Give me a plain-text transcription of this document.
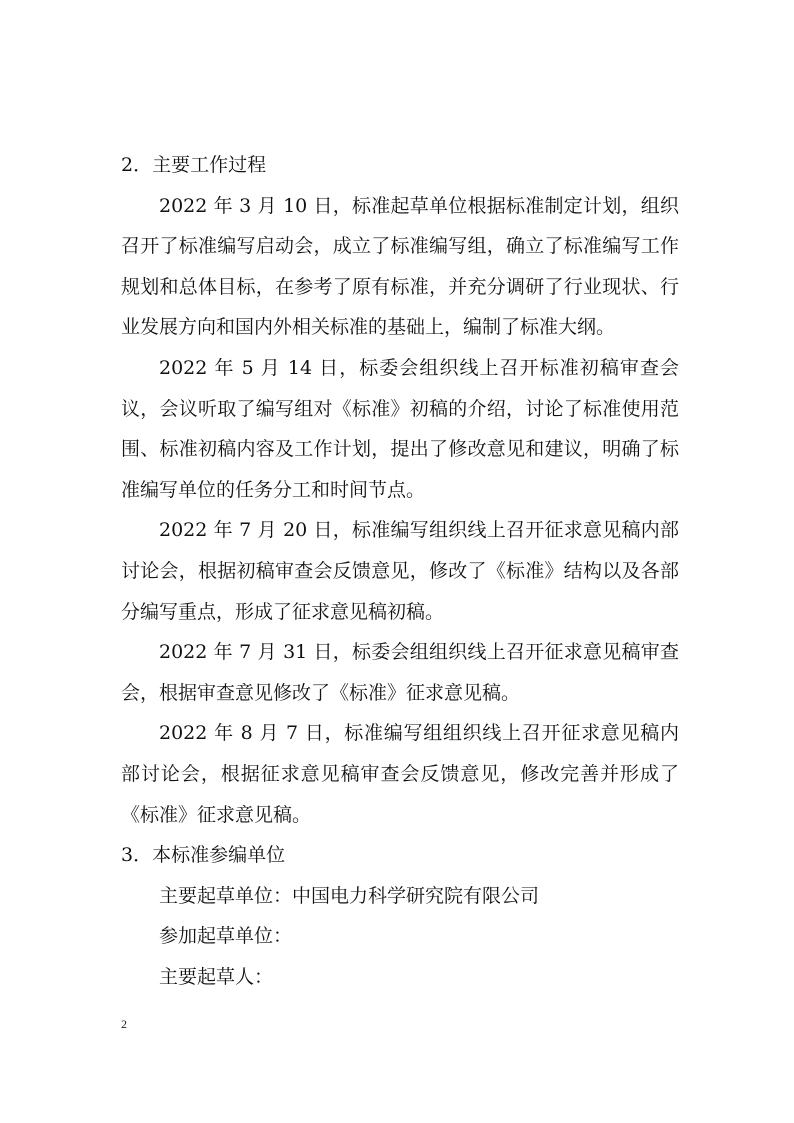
2．主要工作过程

2022 年 3 月 10 日，标准起草单位根据标准制定计划，组织召开了标准编写启动会，成立了标准编写组，确立了标准编写工作规划和总体目标，在参考了原有标准，并充分调研了行业现状、行业发展方向和国内外相关标准的基础上，编制了标准大纲。

2022 年 5 月 14 日，标委会组织线上召开标准初稿审查会议，会议听取了编写组对《标准》初稿的介绍，讨论了标准使用范围、标准初稿内容及工作计划，提出了修改意见和建议，明确了标准编写单位的任务分工和时间节点。

2022 年 7 月 20 日，标准编写组织线上召开征求意见稿内部讨论会，根据初稿审查会反馈意见，修改了《标准》结构以及各部分编写重点，形成了征求意见稿初稿。

2022 年 7 月 31 日，标委会组组织线上召开征求意见稿审查会，根据审查意见修改了《标准》征求意见稿。

2022 年 8 月 7 日，标准编写组组织线上召开征求意见稿内部讨论会，根据征求意见稿审查会反馈意见，修改完善并形成了《标准》征求意见稿。

3．本标准参编单位

主要起草单位：中国电力科学研究院有限公司

参加起草单位：

主要起草人：

2
